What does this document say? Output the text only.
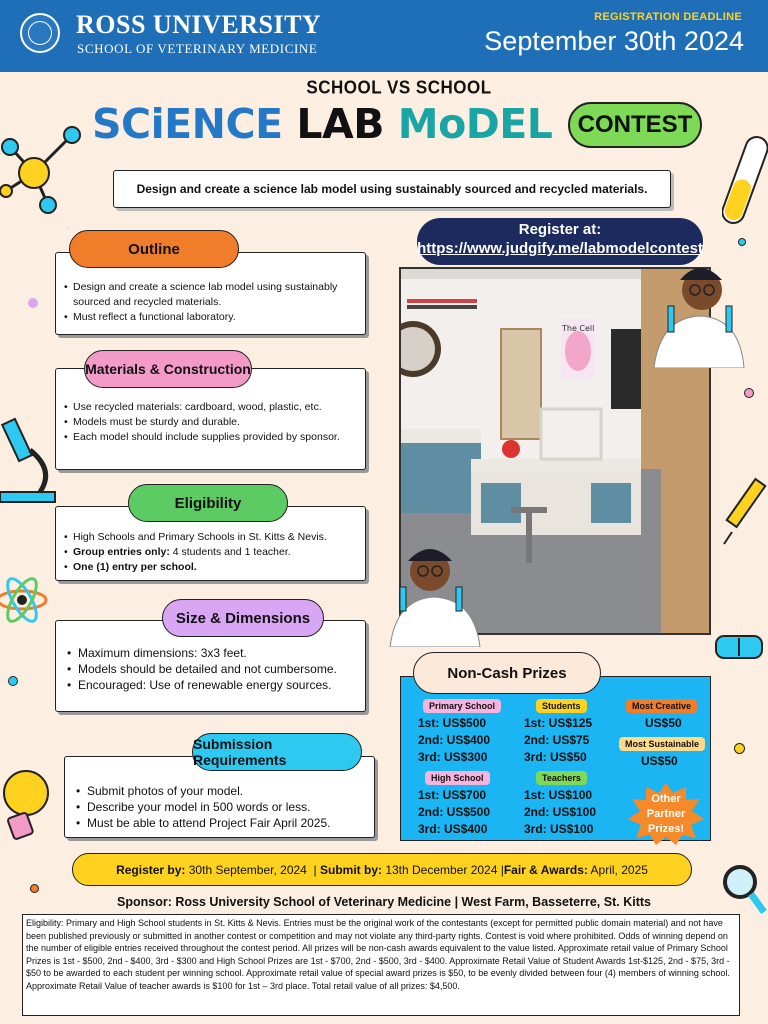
ROSS UNIVERSITY
SCHOOL OF VETERINARY MEDICINE
REGISTRATION DEADLINE
September 30th 2024
SCHOOL VS SCHOOL
SCiENCE LAB MoDEL	CONTEST
Design and create a science lab model using sustainably sourced and recycled materials.
Register at:
https://www.judgify.me/labmodelcontest
Outline
• Design and create a science lab model using sustainably sourced and recycled materials.
• Must reflect a functional laboratory.
Materials & Construction
• Use recycled materials: cardboard, wood, plastic, etc.
• Models must be sturdy and durable.
• Each model should include supplies provided by sponsor.
Eligibility
• High Schools and Primary Schools in St. Kitts & Nevis.
• Group entries only: 4 students and 1 teacher.
• One (1) entry per school.
Size & Dimensions
• Maximum dimensions: 3x3 feet.
• Models should be detailed and not cumbersome.
• Encouraged: Use of renewable energy sources.
Submission Requirements
• Submit photos of your model.
• Describe your model in 500 words or less.
• Must be able to attend Project Fair April 2025.
The Cell
Primary School
1st: US$500
2nd: US$400
3rd: US$300
Students
1st: US$125
2nd: US$75
3rd: US$50
Most Creative
US$50
Most Sustainable
US$50
High School
1st: US$700
2nd: US$500
3rd: US$400
Teachers
1st: US$100
2nd: US$100
3rd: US$100
Non-Cash Prizes
Other
Partner
Prizes!
Register by: 30th September, 2024 | Submit by: 13th December 2024 | Fair & Awards: April, 2025
Sponsor: Ross University School of Veterinary Medicine | West Farm, Basseterre, St. Kitts
Eligibility: Primary and High School students in St. Kitts & Nevis. Entries must be the original work of the contestants (except for permitted public domain material) and not have been published previously or submitted in another contest or competition and may not violate any third-party rights. Contest is void where prohibited. Odds of winning depend on the number of eligible entries received throughout the contest period. All prizes will be non-cash awards equivalent to the value listed. Approximate retail value of Primary School Prizes is 1st - $500, 2nd - $400, 3rd - $300 and High School Prizes are 1st - $700, 2nd - $500, 3rd - $400. Approximate Retail Value of Student Awards 1st-$125, 2nd - $75, 3rd - $50 to be awarded to each student per winning school. Approximate retail value of special award prizes is $50, to be evenly divided between four (4) members of winning school. Approximate Retail Value of teacher awards is $100 for 1st – 3rd place. Total retail value of all prizes: $4,500.
